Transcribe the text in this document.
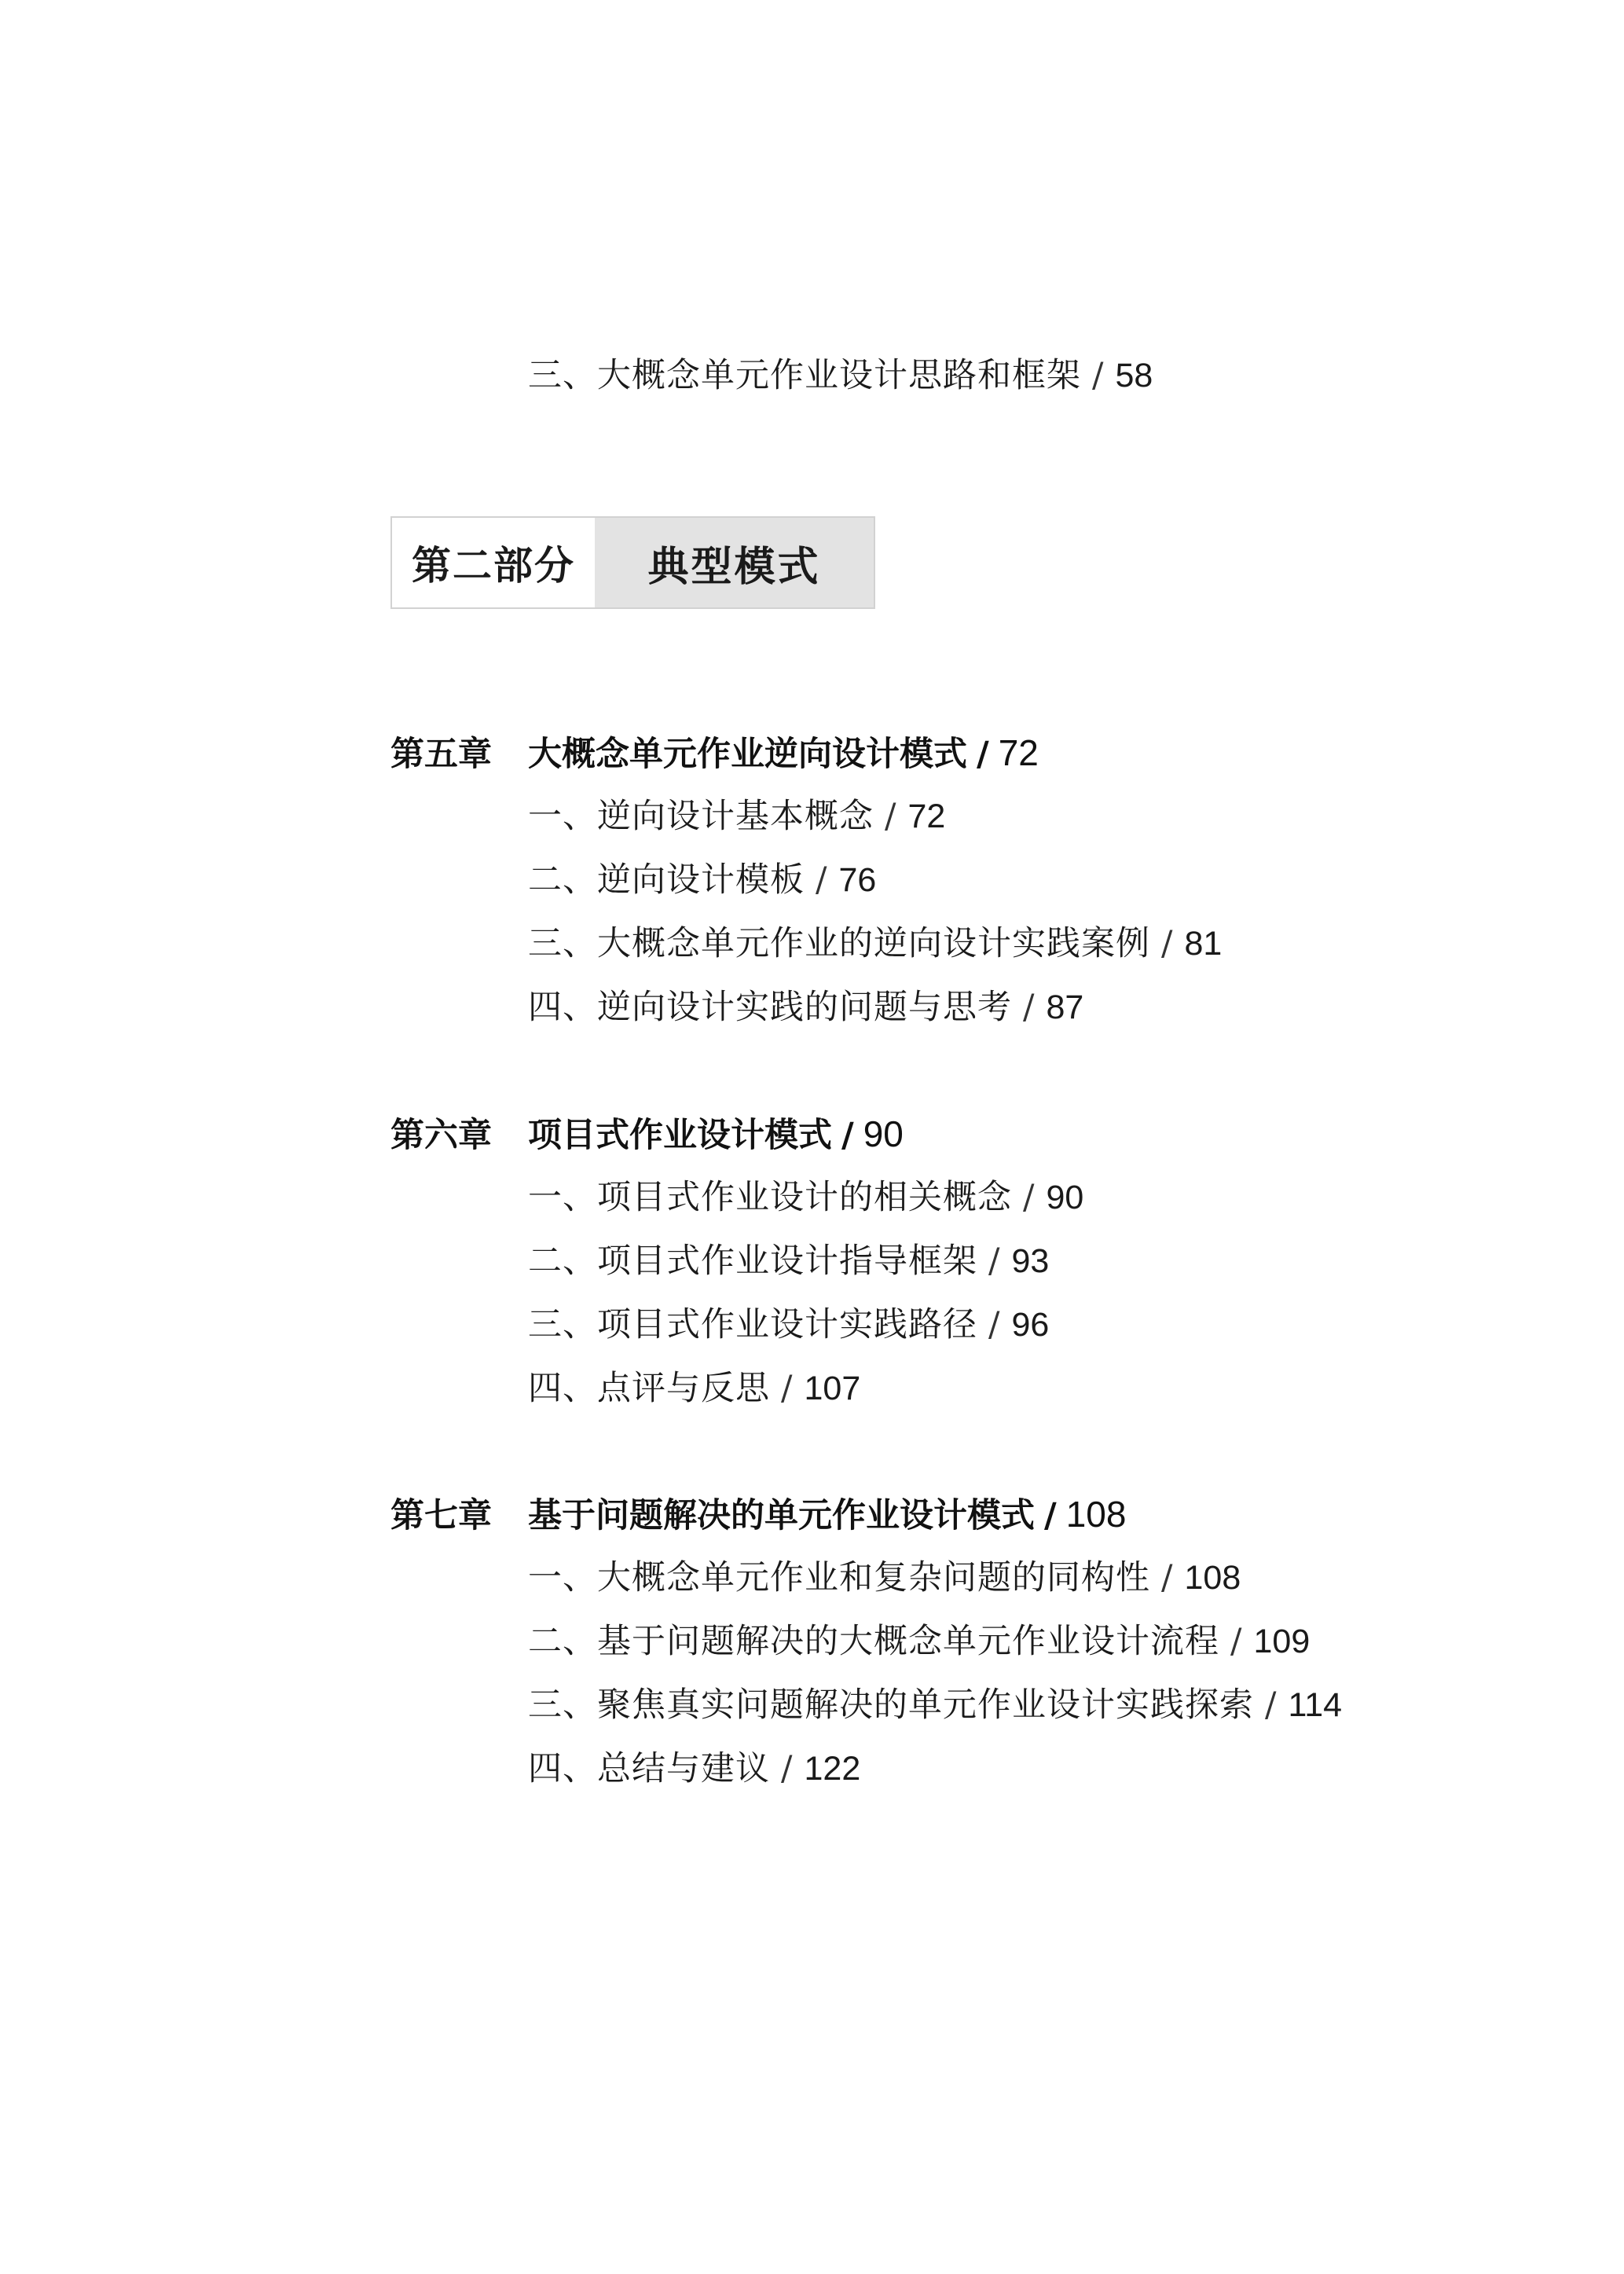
三、大概念单元作业设计思路和框架 / 58
第二部分	典型模式
第五章 大概念单元作业逆向设计模式 / 72
一、逆向设计基本概念 / 72
二、逆向设计模板 / 76
三、大概念单元作业的逆向设计实践案例 / 81
四、逆向设计实践的问题与思考 / 87
第六章 项目式作业设计模式 / 90
一、项目式作业设计的相关概念 / 90
二、项目式作业设计指导框架 / 93
三、项目式作业设计实践路径 / 96
四、点评与反思 / 107
第七章 基于问题解决的单元作业设计模式 / 108
一、大概念单元作业和复杂问题的同构性 / 108
二、基于问题解决的大概念单元作业设计流程 / 109
三、聚焦真实问题解决的单元作业设计实践探索 / 114
四、总结与建议 / 122
